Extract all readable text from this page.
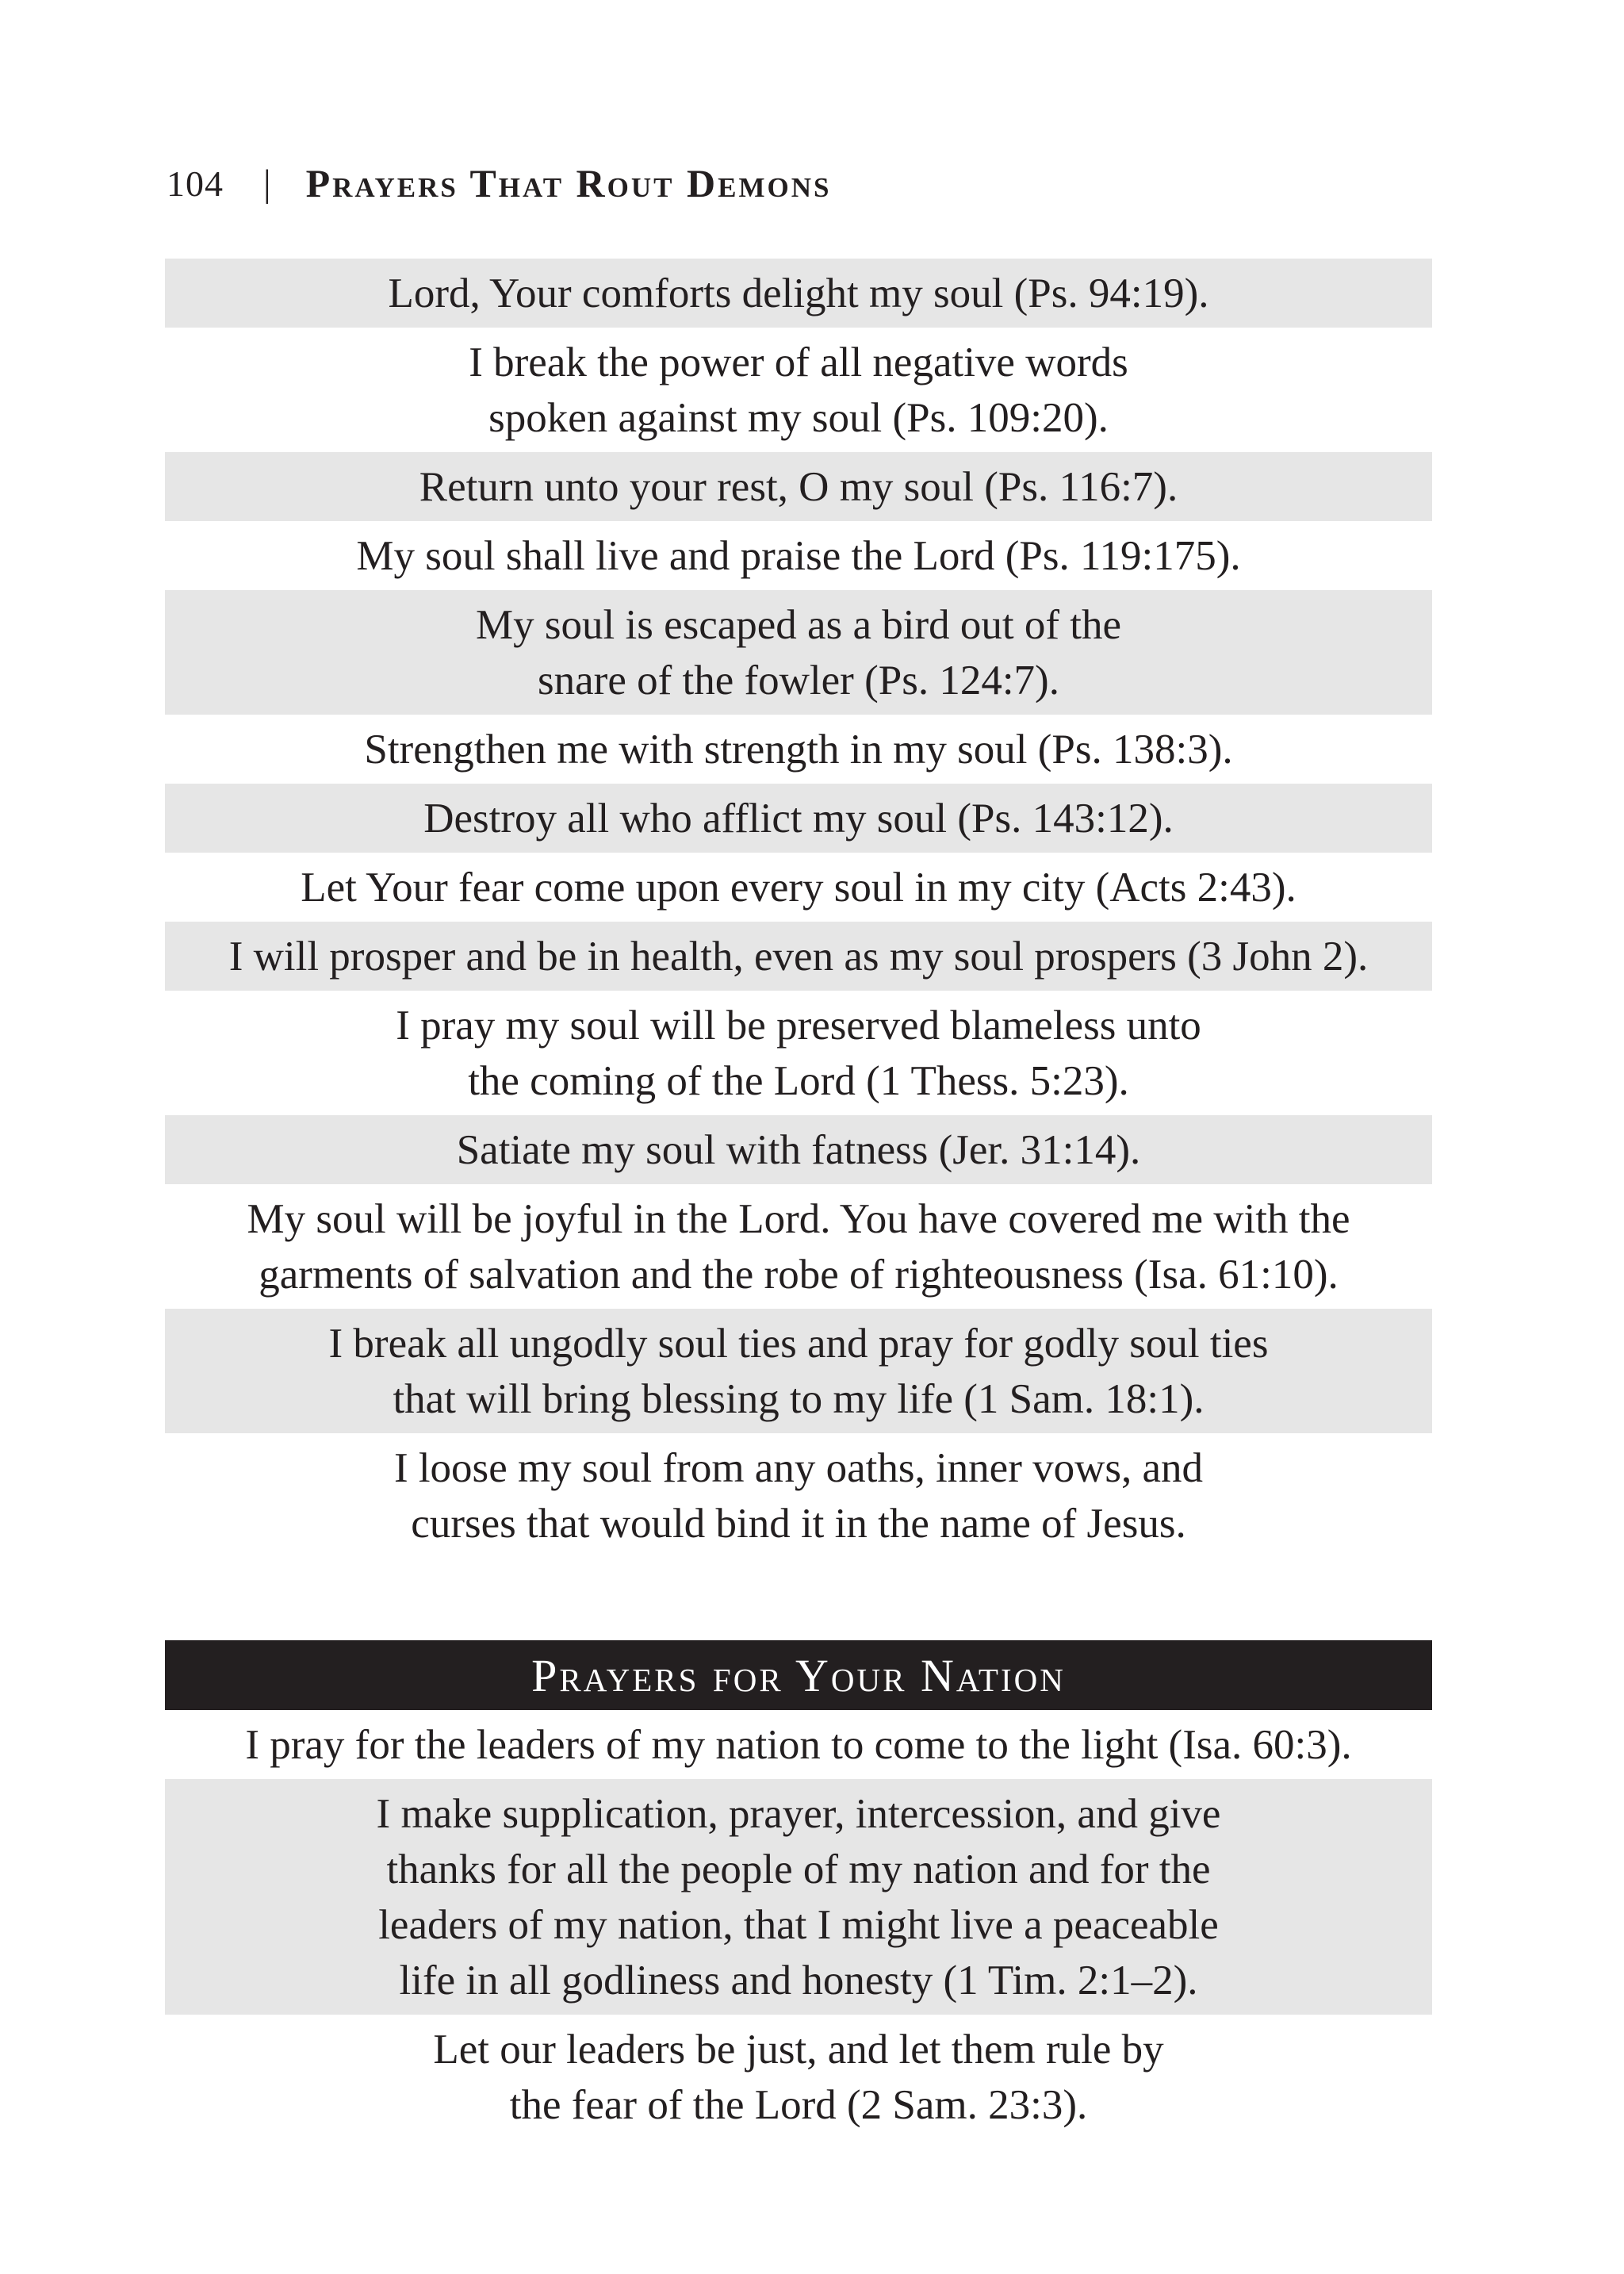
104 | Prayers That Rout Demons
Lord, Your comforts delight my soul (Ps. 94:19).
I break the power of all negative words
spoken against my soul (Ps. 109:20).
Return unto your rest, O my soul (Ps. 116:7).
My soul shall live and praise the Lord (Ps. 119:175).
My soul is escaped as a bird out of the
snare of the fowler (Ps. 124:7).
Strengthen me with strength in my soul (Ps. 138:3).
Destroy all who afflict my soul (Ps. 143:12).
Let Your fear come upon every soul in my city (Acts 2:43).
I will prosper and be in health, even as my soul prospers (3 John 2).
I pray my soul will be preserved blameless unto
the coming of the Lord (1 Thess. 5:23).
Satiate my soul with fatness (Jer. 31:14).
My soul will be joyful in the Lord. You have covered me with the
garments of salvation and the robe of righteousness (Isa. 61:10).
I break all ungodly soul ties and pray for godly soul ties
that will bring blessing to my life (1 Sam. 18:1).
I loose my soul from any oaths, inner vows, and
curses that would bind it in the name of Jesus.
Prayers for Your Nation
I pray for the leaders of my nation to come to the light (Isa. 60:3).
I make supplication, prayer, intercession, and give
thanks for all the people of my nation and for the
leaders of my nation, that I might live a peaceable
life in all godliness and honesty (1 Tim. 2:1–2).
Let our leaders be just, and let them rule by
the fear of the Lord (2 Sam. 23:3).
